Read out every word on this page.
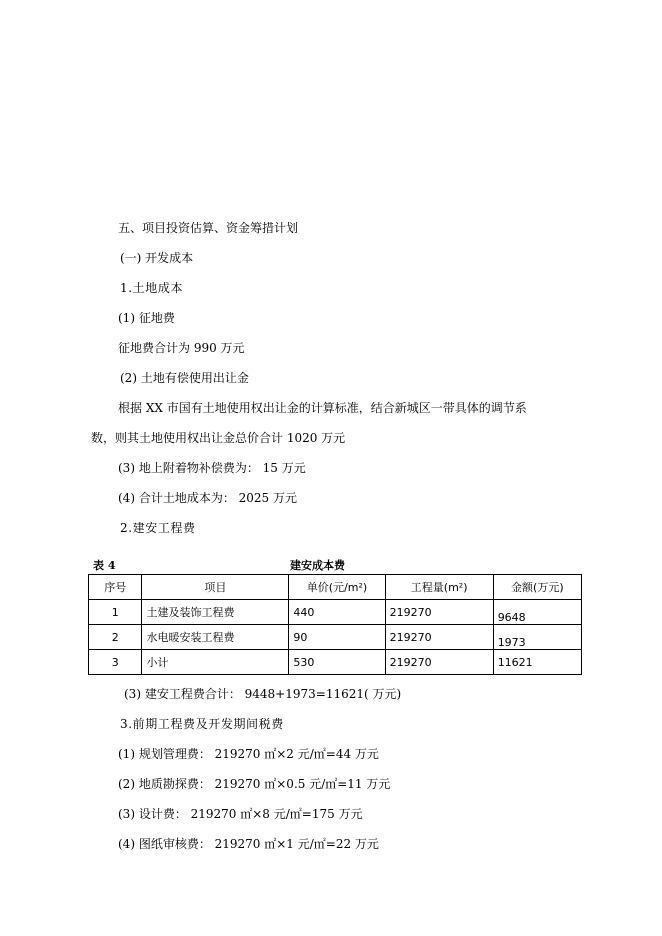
五、项目投资估算、资金筹措计划
(一) 开发成本
1.土地成本
(1) 征地费
征地费合计为 990 万元
(2) 土地有偿使用出让金
根据 XX 市国有土地使用权出让金的计算标准，结合新城区一带具体的调节系
数，则其土地使用权出让金总价合计 1020 万元
(3) 地上附着物补偿费为： 15 万元
(4) 合计土地成本为： 2025 万元
2.建安工程费
表 4	建安成本费
序号	项目	单价(元/m²)	工程量(m²)	金额(万元)
1	土建及装饰工程费	440	219270	9648
2	水电暖安装工程费	90	219270	1973
3	小计	530	219270	11621
(3) 建安工程费合计： 9448+1973=11621( 万元)
3.前期工程费及开发期间税费
(1) 规划管理费： 219270 ㎡×2 元/㎡=44 万元
(2) 地质勘探费： 219270 ㎡×0.5 元/㎡=11 万元
(3) 设计费： 219270 ㎡×8 元/㎡=175 万元
(4) 图纸审核费： 219270 ㎡×1 元/㎡=22 万元
